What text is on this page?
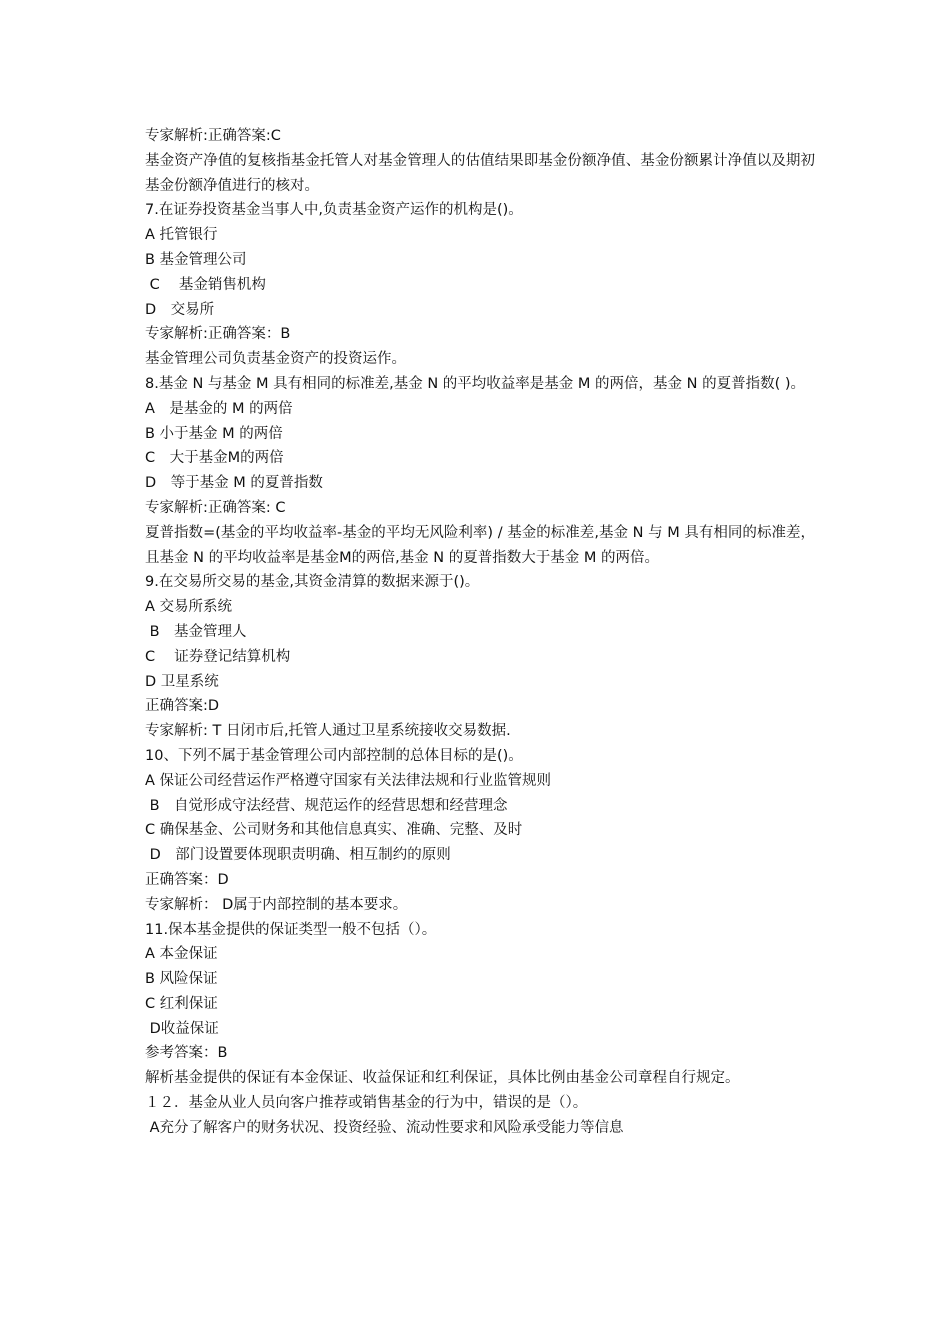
专家解析:正确答案:C

基金资产净值的复核指基金托管人对基金管理人的估值结果即基金份额净值、基金份额累计净值以及期初基金份额净值进行的核对。

7.在证券投资基金当事人中,负责基金资产运作的机构是()。

A 托管银行

B 基金管理公司

C　 基金销售机构

D　交易所

专家解析:正确答案：B

基金管理公司负责基金资产的投资运作。

8.基金 N 与基金 M 具有相同的标准差,基金 N 的平均收益率是基金 M 的两倍，基金 N 的夏普指数( )。

A　是基金的 M 的两倍

B 小于基金 M 的两倍

C　大于基金M的两倍

D　等于基金 M 的夏普指数

专家解析:正确答案: C

夏普指数=(基金的平均收益率-基金的平均无风险利率) / 基金的标准差,基金 N 与 M 具有相同的标准差，且基金 N 的平均收益率是基金M的两倍,基金 N 的夏普指数大于基金 M 的两倍。

9.在交易所交易的基金,其资金清算的数据来源于()。

A 交易所系统

B　基金管理人

C　 证券登记结算机构

D 卫星系统

正确答案:D

专家解析: T 日闭市后,托管人通过卫星系统接收交易数据.

10、下列不属于基金管理公司内部控制的总体目标的是()。

A 保证公司经营运作严格遵守国家有关法律法规和行业监管规则

B　自觉形成守法经营、规范运作的经营思想和经营理念

C 确保基金、公司财务和其他信息真实、准确、完整、及时

D　部门设置要体现职责明确、相互制约的原则

正确答案：D

专家解析： D属于内部控制的基本要求。

11.保本基金提供的保证类型一般不包括（）。

A 本金保证

B 风险保证

C 红利保证

D收益保证

参考答案：B

解析基金提供的保证有本金保证、收益保证和红利保证，具体比例由基金公司章程自行规定。

１２．基金从业人员向客户推荐或销售基金的行为中，错误的是（）。

A充分了解客户的财务状况、投资经验、流动性要求和风险承受能力等信息
